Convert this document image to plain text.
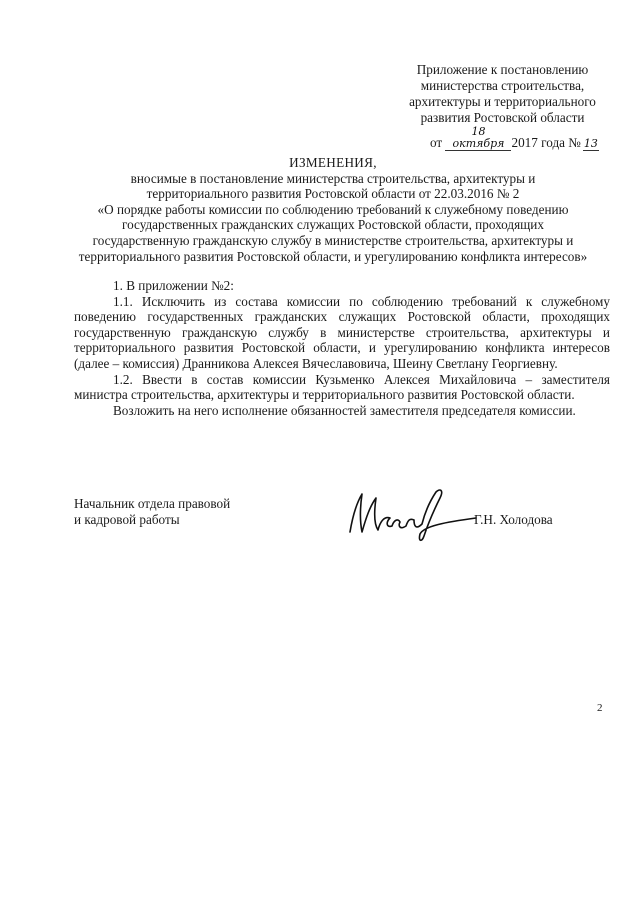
Приложение к постановлению
министерства строительства,
архитектуры и территориального
развития Ростовской области
от 18 октября 2017 года № 13
ИЗМЕНЕНИЯ,
вносимые в постановление министерства строительства, архитектуры и
территориального развития Ростовской области от 22.03.2016 № 2
«О порядке работы комиссии по соблюдению требований к служебному поведению государственных гражданских служащих Ростовской области, проходящих государственную гражданскую службу в министерстве строительства, архитектуры и территориального развития Ростовской области, и урегулированию конфликта интересов»

1. В приложении №2:

1.1. Исключить из состава комиссии по соблюдению требований к служебному поведению государственных гражданских служащих Ростовской области, проходящих государственную гражданскую службу в министерстве строительства, архитектуры и территориального развития Ростовской области, и урегулированию конфликта интересов (далее – комиссия) Дранникова Алексея Вячеславовича, Шеину Светлану Георгиевну.

1.2. Ввести в состав комиссии Кузьменко Алексея Михайловича – заместителя министра строительства, архитектуры и территориального развития Ростовской области.

Возложить на него исполнение обязанностей заместителя председателя комиссии.

Начальник отдела правовой
и кадровой работы	Г.Н. Холодова
2
